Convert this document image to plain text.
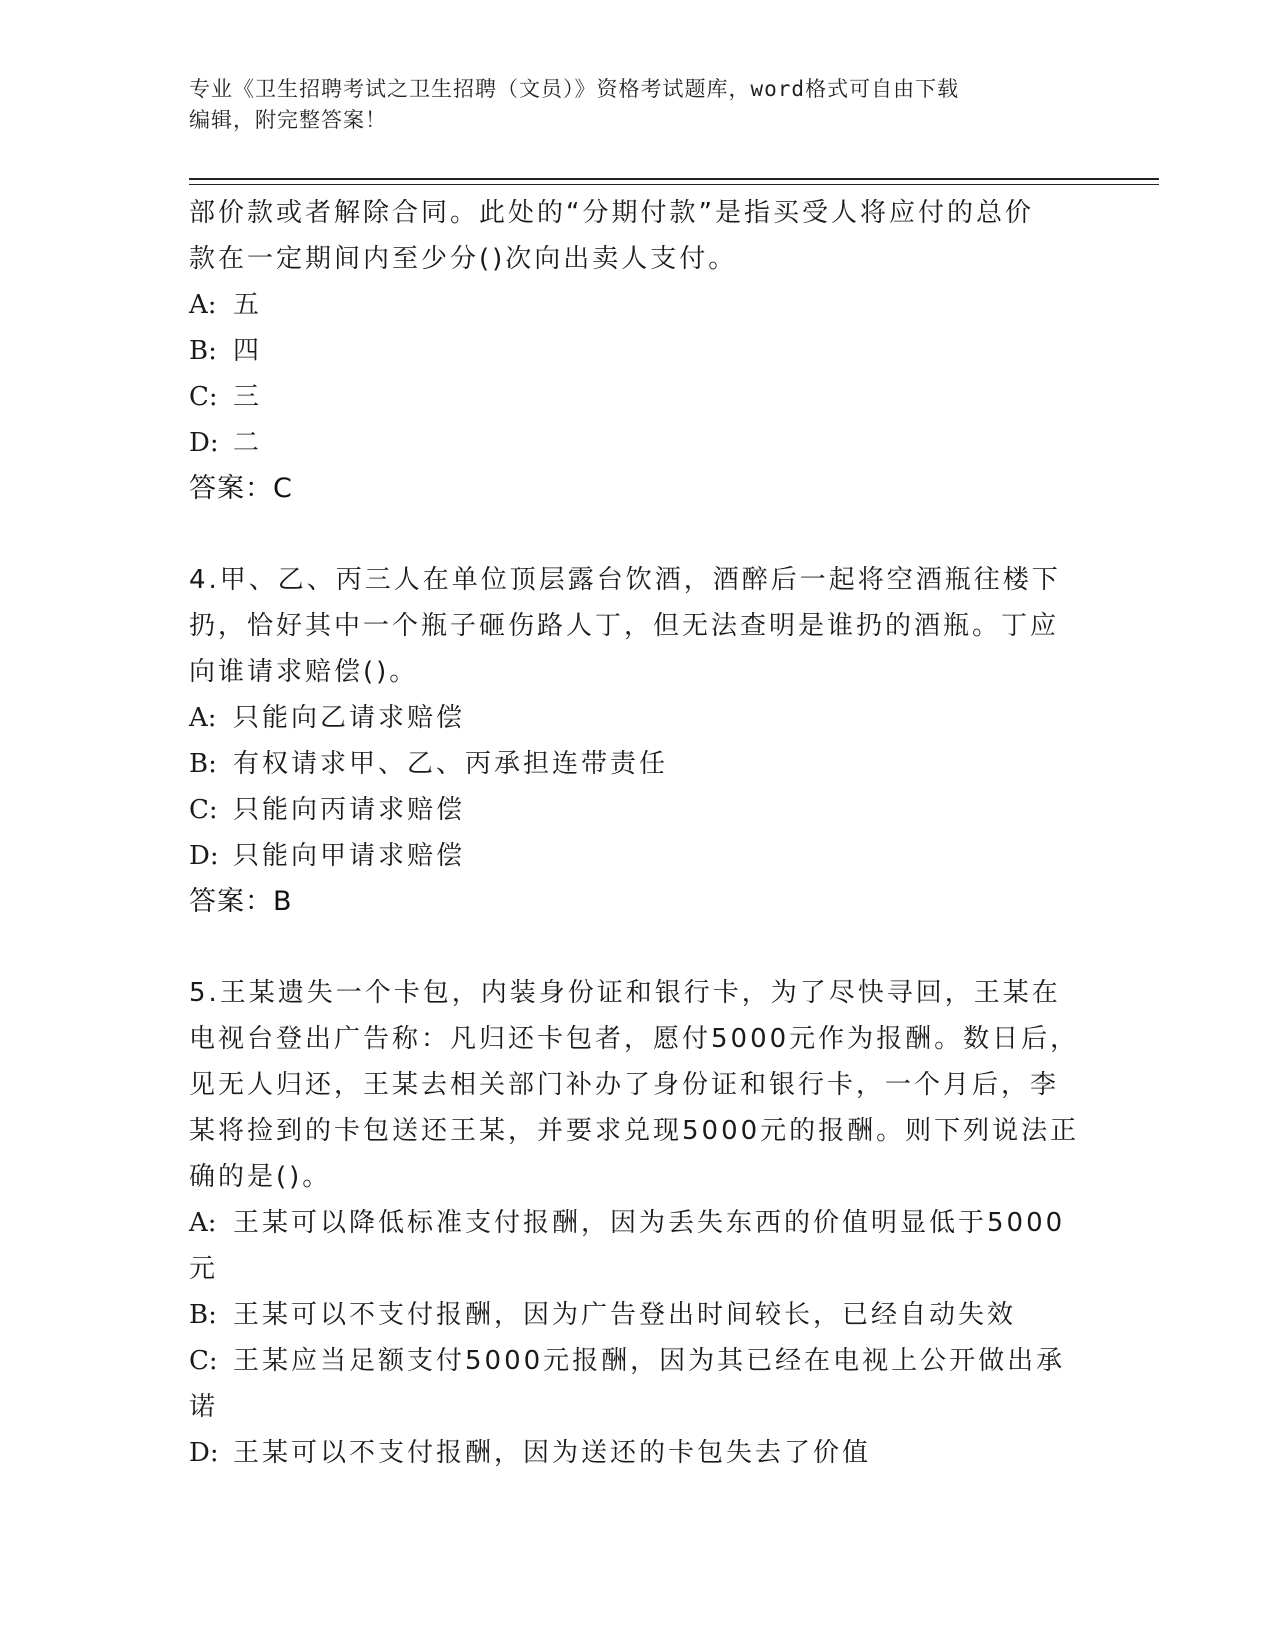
专业《卫生招聘考试之卫生招聘（文员）》资格考试题库，word格式可自由下载
编辑，附完整答案！
部价款或者解除合同。此处的“分期付款”是指买受人将应付的总价
款在一定期间内至少分()次向出卖人支付。
A: 五
B: 四
C: 三
D: 二
答案：C
4.甲、乙、丙三人在单位顶层露台饮酒，酒醉后一起将空酒瓶往楼下
扔，恰好其中一个瓶子砸伤路人丁，但无法查明是谁扔的酒瓶。丁应
向谁请求赔偿()。
A: 只能向乙请求赔偿
B: 有权请求甲、乙、丙承担连带责任
C: 只能向丙请求赔偿
D: 只能向甲请求赔偿
答案：B
5.王某遗失一个卡包，内装身份证和银行卡，为了尽快寻回，王某在
电视台登出广告称：凡归还卡包者，愿付5000元作为报酬。数日后，
见无人归还，王某去相关部门补办了身份证和银行卡，一个月后，李
某将捡到的卡包送还王某，并要求兑现5000元的报酬。则下列说法正
确的是()。
A: 王某可以降低标准支付报酬，因为丢失东西的价值明显低于5000
元
B: 王某可以不支付报酬，因为广告登出时间较长，已经自动失效
C: 王某应当足额支付5000元报酬，因为其已经在电视上公开做出承
诺
D: 王某可以不支付报酬，因为送还的卡包失去了价值
